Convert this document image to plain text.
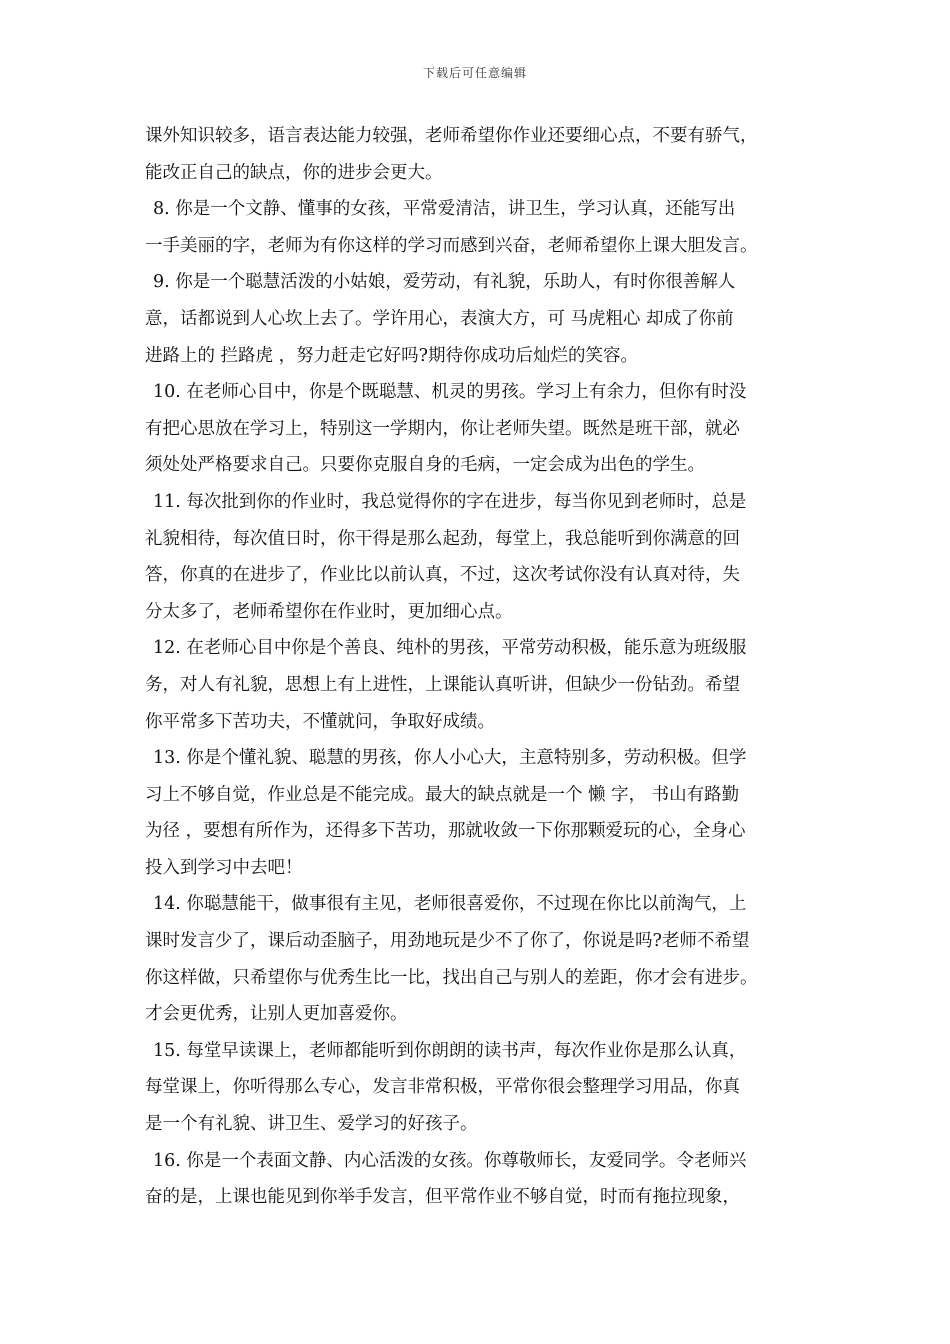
下载后可任意编辑
课外知识较多，语言表达能力较强，老师希望你作业还要细心点，不要有骄气，
能改正自己的缺点，你的进步会更大。
8. 你是一个文静、懂事的女孩，平常爱清洁，讲卫生，学习认真，还能写出
一手美丽的字，老师为有你这样的学习而感到兴奋，老师希望你上课大胆发言。
9. 你是一个聪慧活泼的小姑娘，爱劳动，有礼貌，乐助人，有时你很善解人
意，话都说到人心坎上去了。学许用心，表演大方，可 马虎粗心 却成了你前
进路上的 拦路虎 ，努力赶走它好吗?期待你成功后灿烂的笑容。
10. 在老师心目中，你是个既聪慧、机灵的男孩。学习上有余力，但你有时没
有把心思放在学习上，特别这一学期内，你让老师失望。既然是班干部，就必
须处处严格要求自己。只要你克服自身的毛病，一定会成为出色的学生。
11. 每次批到你的作业时，我总觉得你的字在进步，每当你见到老师时，总是
礼貌相待，每次值日时，你干得是那么起劲，每堂上，我总能听到你满意的回
答，你真的在进步了，作业比以前认真，不过，这次考试你没有认真对待，失
分太多了，老师希望你在作业时，更加细心点。
12. 在老师心目中你是个善良、纯朴的男孩，平常劳动积极，能乐意为班级服
务，对人有礼貌，思想上有上进性，上课能认真听讲，但缺少一份钻劲。希望
你平常多下苦功夫，不懂就问，争取好成绩。
13. 你是个懂礼貌、聪慧的男孩，你人小心大，主意特别多，劳动积极。但学
习上不够自觉，作业总是不能完成。最大的缺点就是一个 懒 字， 书山有路勤
为径 ，要想有所作为，还得多下苦功，那就收敛一下你那颗爱玩的心，全身心
投入到学习中去吧！
14. 你聪慧能干，做事很有主见，老师很喜爱你，不过现在你比以前淘气，上
课时发言少了，课后动歪脑子，用劲地玩是少不了你了，你说是吗?老师不希望
你这样做，只希望你与优秀生比一比，找出自己与别人的差距，你才会有进步。
才会更优秀，让别人更加喜爱你。
15. 每堂早读课上，老师都能听到你朗朗的读书声，每次作业你是那么认真，
每堂课上，你听得那么专心，发言非常积极，平常你很会整理学习用品，你真
是一个有礼貌、讲卫生、爱学习的好孩子。
16. 你是一个表面文静、内心活泼的女孩。你尊敬师长，友爱同学。令老师兴
奋的是，上课也能见到你举手发言，但平常作业不够自觉，时而有拖拉现象，
